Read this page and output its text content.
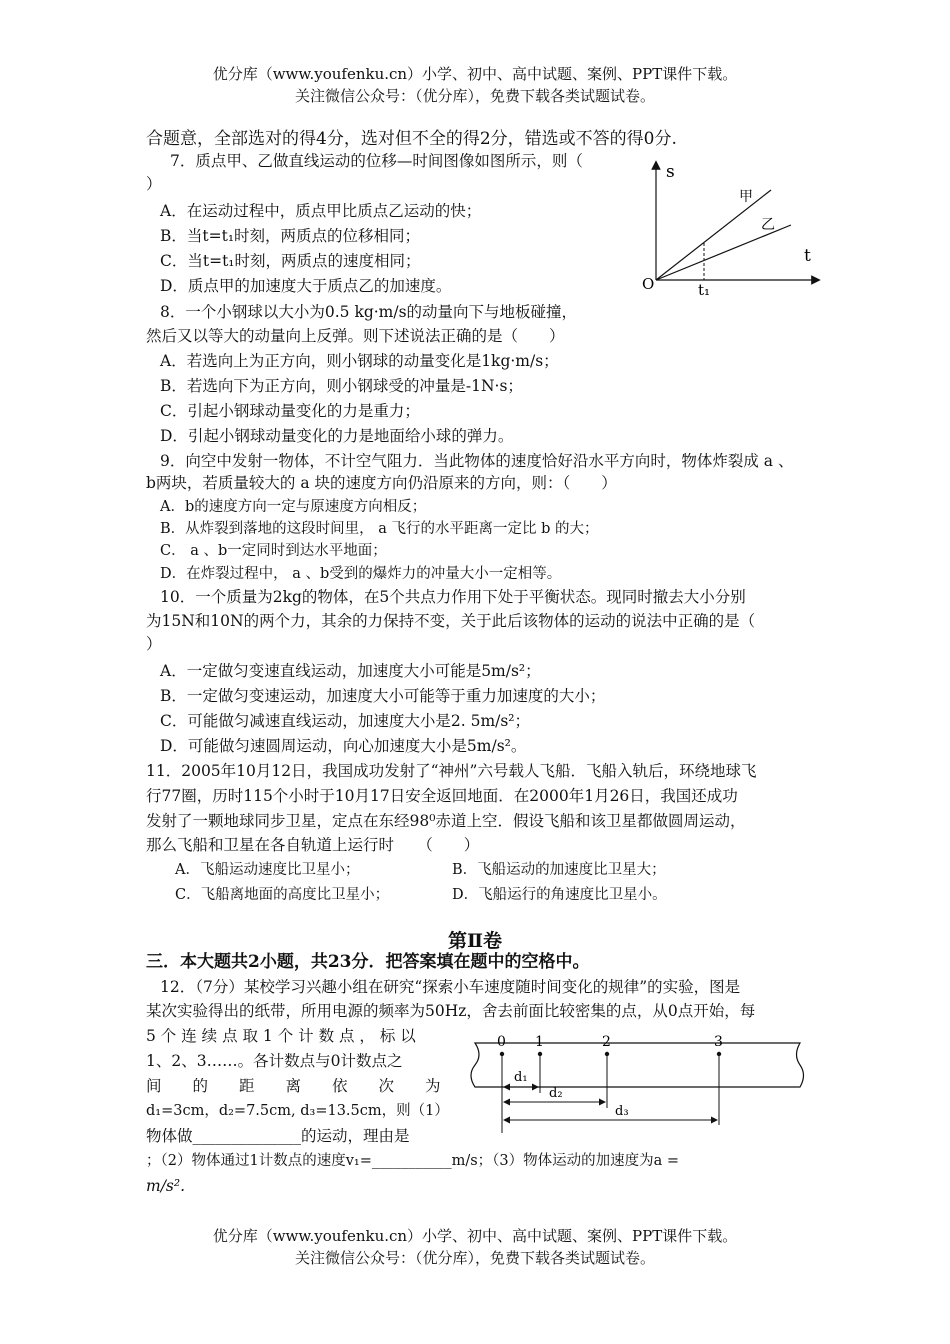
优分库（www.youfenku.cn）小学、初中、高中试题、案例、PPT课件下载。
关注微信公众号：（优分库），免费下载各类试题试卷。
合题意，全部选对的得4分，选对但不全的得2分，错选或不答的得0分.
7．质点甲、乙做直线运动的位移—时间图像如图所示，则（
）
A．在运动过程中，质点甲比质点乙运动的快；
B．当t=t₁时刻，两质点的位移相同；
C．当t=t₁时刻，两质点的速度相同；
D．质点甲的加速度大于质点乙的加速度。
s
t
O	t₁
甲
乙
8．一个小钢球以大小为0.5 kg·m/s的动量向下与地板碰撞，
然后又以等大的动量向上反弹。则下述说法正确的是（　　）
A．若选向上为正方向，则小钢球的动量变化是1kg·m/s；
B．若选向下为正方向，则小钢球受的冲量是-1N·s；
C．引起小钢球动量变化的力是重力；
D．引起小钢球动量变化的力是地面给小球的弹力。
9．向空中发射一物体，不计空气阻力．当此物体的速度恰好沿水平方向时，物体炸裂成 a 、
b两块，若质量较大的 a 块的速度方向仍沿原来的方向，则：（　　）
A．b的速度方向一定与原速度方向相反；
B．从炸裂到落地的这段时间里， a 飞行的水平距离一定比 b 的大；
C． a 、b一定同时到达水平地面；
D．在炸裂过程中， a 、b受到的爆炸力的冲量大小一定相等。
10．一个质量为2kg的物体，在5个共点力作用下处于平衡状态。现同时撤去大小分别
为15N和10N的两个力，其余的力保持不变，关于此后该物体的运动的说法中正确的是（
）
A．一定做匀变速直线运动，加速度大小可能是5m/s²；
B．一定做匀变速运动，加速度大小可能等于重力加速度的大小；
C．可能做匀减速直线运动，加速度大小是2. 5m/s²；
D．可能做匀速圆周运动，向心加速度大小是5m/s²。
11．2005年10月12日，我国成功发射了“神州”六号载人飞船．飞船入轨后，环绕地球飞
行77圈，历时115个小时于10月17日安全返回地面．在2000年1月26日，我国还成功
发射了一颗地球同步卫星，定点在东经98⁰赤道上空．假设飞船和该卫星都做圆周运动，
那么飞船和卫星在各自轨道上运行时　　（　　）
A．飞船运动速度比卫星小；	B．飞船运动的加速度比卫星大；
C．飞船离地面的高度比卫星小；	D．飞船运行的角速度比卫星小。
第Ⅱ卷
三．本大题共2小题，共23分．把答案填在题中的空格中。
12．（7分）某校学习兴趣小组在研究“探索小车速度随时间变化的规律”的实验，图是
某次实验得出的纸带，所用电源的频率为50Hz，舍去前面比较密集的点，从0点开始，每
5 个 连 续 点 取 1 个 计 数 点 ， 标 以
1、2、3……。各计数点与0计数点之
间　　的　　距　　离　　依　　次　　为
d₁=3cm，d₂=7.5cm, d₃=13.5cm，则（1）
物体做______________的运动，理由是
；（2）物体通过1计数点的速度v₁=___________m/s；（3）物体运动的加速度为a =
m/s².
0 1	2	3
d₁
d₂
d₃
优分库（www.youfenku.cn）小学、初中、高中试题、案例、PPT课件下载。
关注微信公众号：（优分库），免费下载各类试题试卷。
